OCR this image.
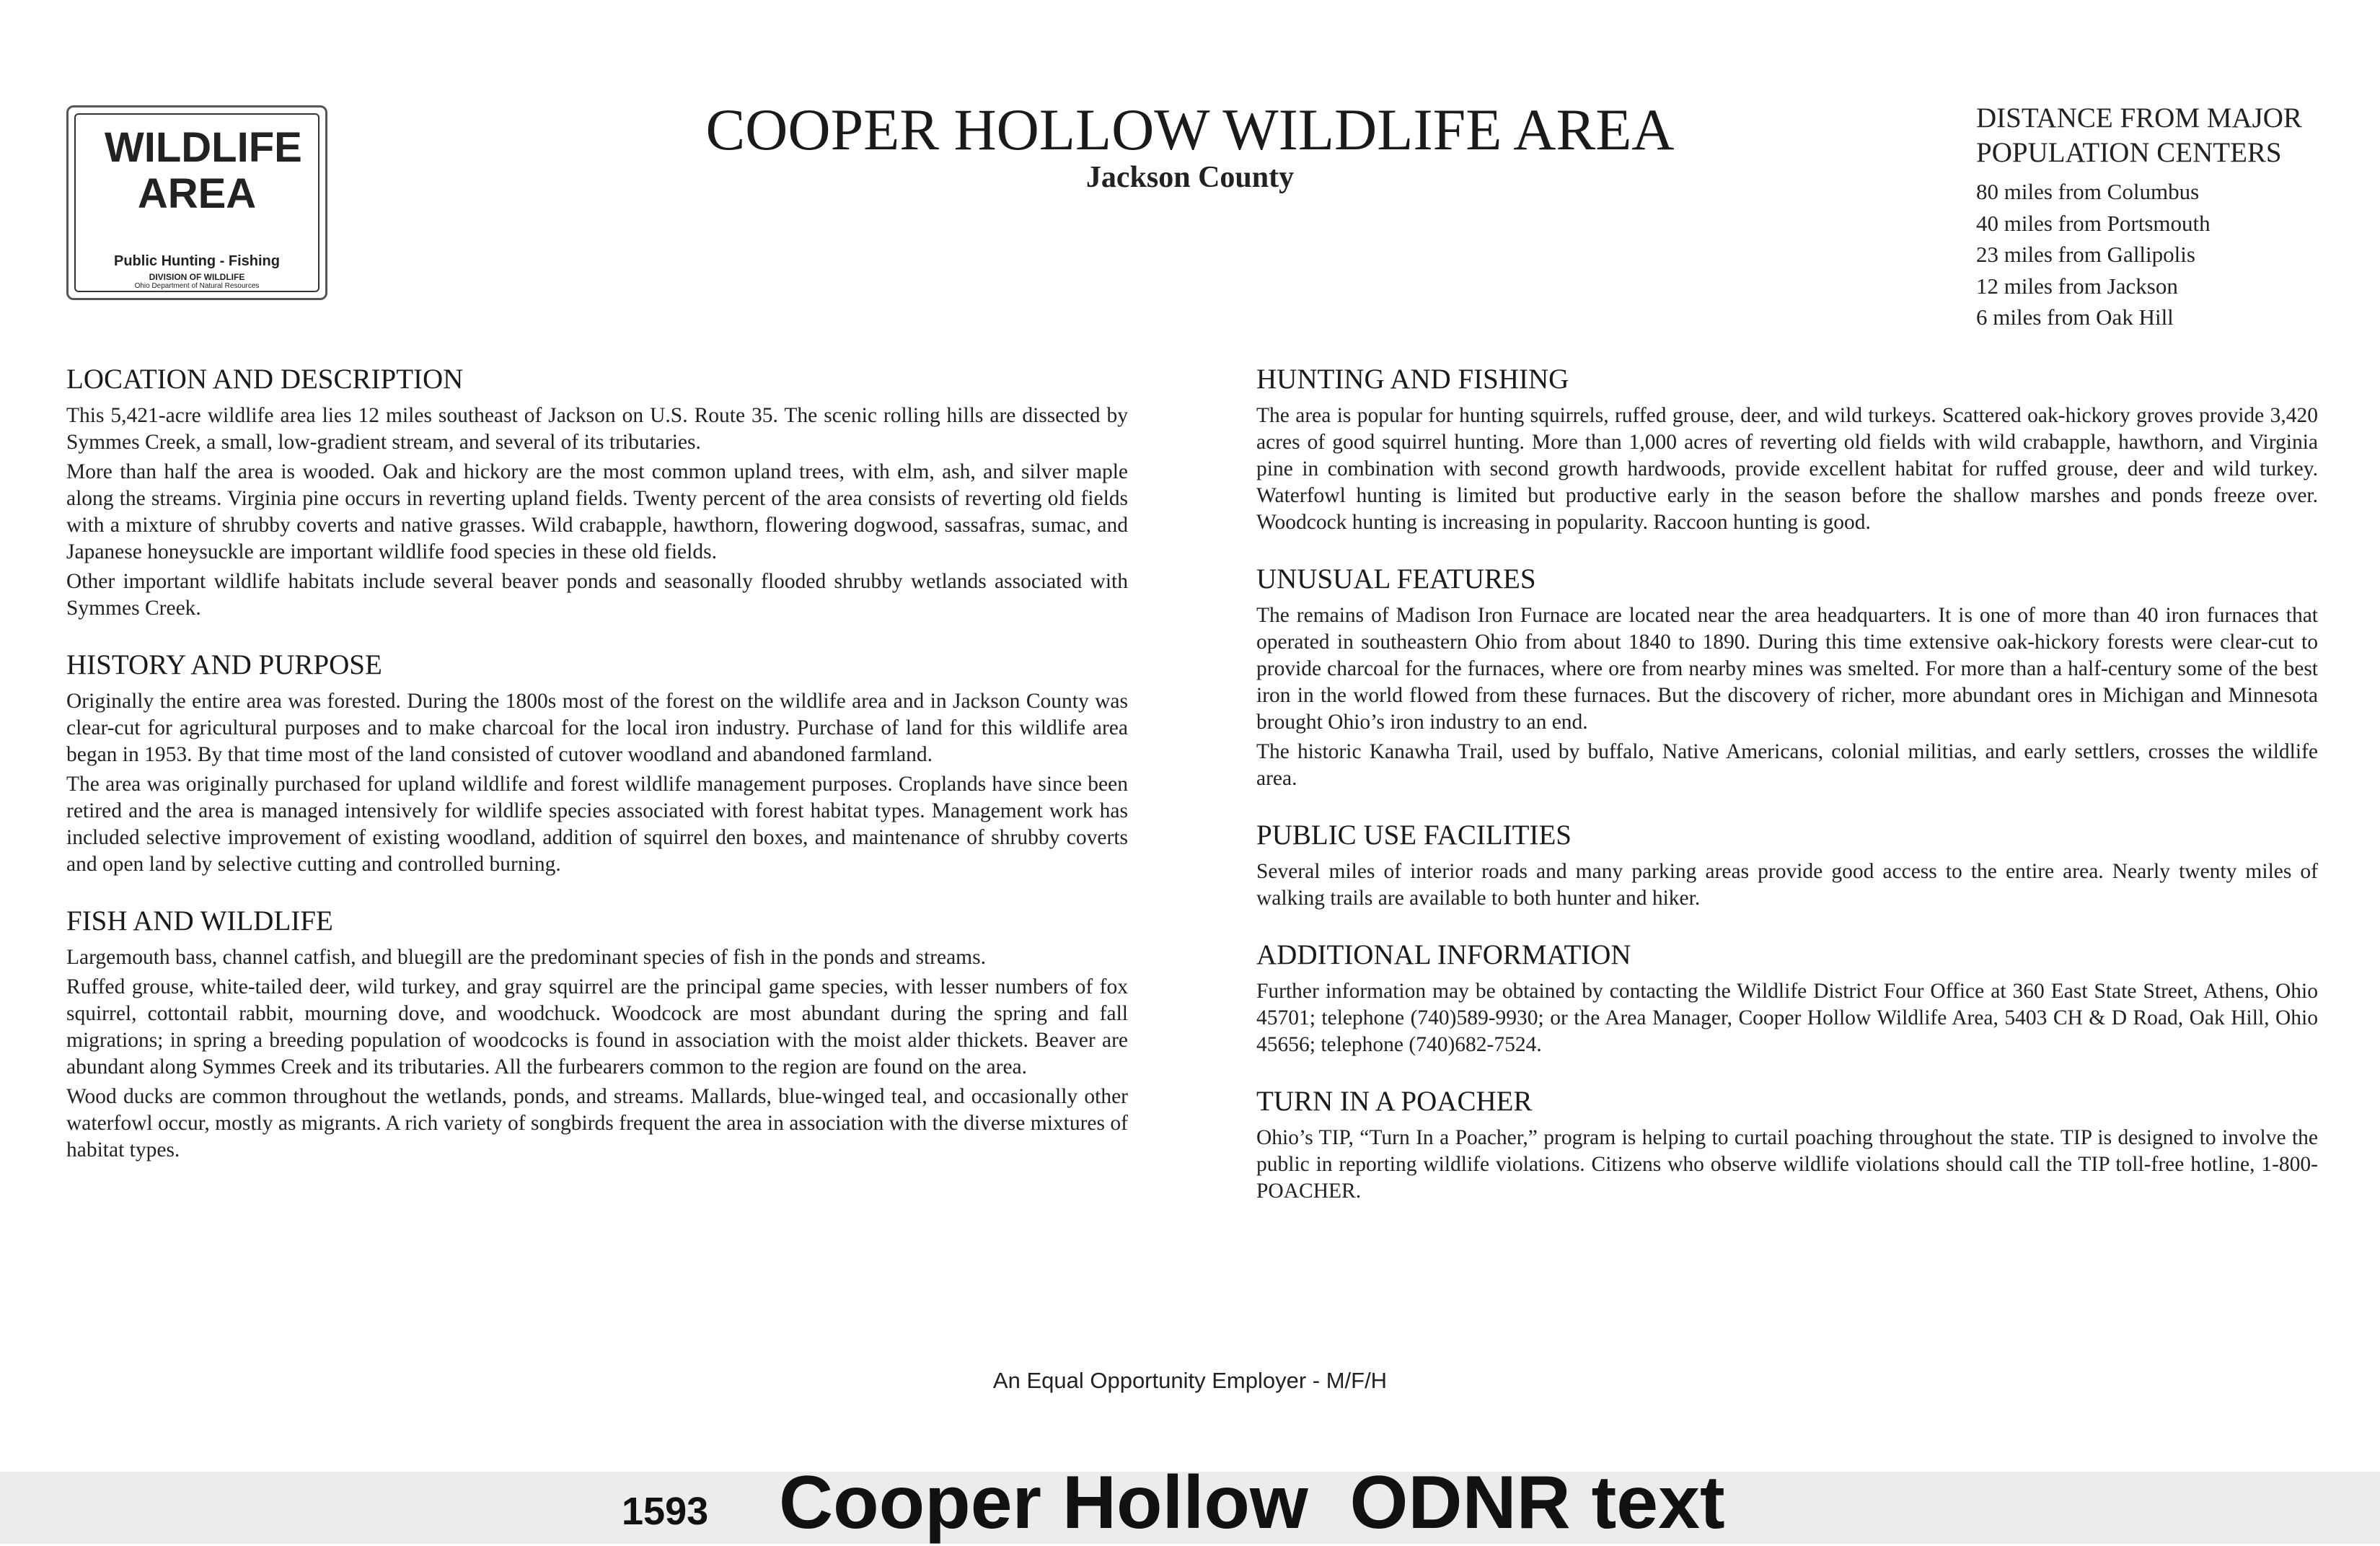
WILDLIFE AREA
Public Hunting - Fishing
DIVISION OF WILDLIFE
Ohio Department of Natural Resources
COOPER HOLLOW WILDLIFE AREA
Jackson County
DISTANCE FROM MAJOR POPULATION CENTERS
80 miles from Columbus
40 miles from Portsmouth
23 miles from Gallipolis
12 miles from Jackson
6 miles from Oak Hill
LOCATION AND DESCRIPTION

This 5,421-acre wildlife area lies 12 miles southeast of Jackson on U.S. Route 35. The scenic rolling hills are dissected by Symmes Creek, a small, low-gradient stream, and several of its tributaries.

More than half the area is wooded. Oak and hickory are the most common upland trees, with elm, ash, and silver maple along the streams. Virginia pine occurs in reverting upland fields. Twenty percent of the area consists of reverting old fields with a mixture of shrubby coverts and native grasses. Wild crabapple, hawthorn, flowering dogwood, sassafras, sumac, and Japanese honeysuckle are important wildlife food species in these old fields.

Other important wildlife habitats include several beaver ponds and seasonally flooded shrubby wetlands associated with Symmes Creek.

HISTORY AND PURPOSE

Originally the entire area was forested. During the 1800s most of the forest on the wildlife area and in Jackson County was clear-cut for agricultural purposes and to make charcoal for the local iron industry. Purchase of land for this wildlife area began in 1953. By that time most of the land consisted of cutover woodland and abandoned farmland.

The area was originally purchased for upland wildlife and forest wildlife management purposes. Croplands have since been retired and the area is managed intensively for wildlife species associated with forest habitat types. Management work has included selective improvement of existing woodland, addition of squirrel den boxes, and maintenance of shrubby coverts and open land by selective cutting and controlled burning.

FISH AND WILDLIFE

Largemouth bass, channel catfish, and bluegill are the predominant species of fish in the ponds and streams.

Ruffed grouse, white-tailed deer, wild turkey, and gray squirrel are the principal game species, with lesser numbers of fox squirrel, cottontail rabbit, mourning dove, and woodchuck. Woodcock are most abundant during the spring and fall migrations; in spring a breeding population of woodcocks is found in association with the moist alder thickets. Beaver are abundant along Symmes Creek and its tributaries. All the furbearers common to the region are found on the area.

Wood ducks are common throughout the wetlands, ponds, and streams. Mallards, blue-winged teal, and occasionally other waterfowl occur, mostly as migrants. A rich variety of songbirds frequent the area in association with the diverse mixtures of habitat types.

HUNTING AND FISHING

The area is popular for hunting squirrels, ruffed grouse, deer, and wild turkeys. Scattered oak-hickory groves provide 3,420 acres of good squirrel hunting. More than 1,000 acres of reverting old fields with wild crabapple, hawthorn, and Virginia pine in combination with second growth hardwoods, provide excellent habitat for ruffed grouse, deer and wild turkey. Waterfowl hunting is limited but productive early in the season before the shallow marshes and ponds freeze over. Woodcock hunting is increasing in popularity. Raccoon hunting is good.

UNUSUAL FEATURES

The remains of Madison Iron Furnace are located near the area headquarters. It is one of more than 40 iron furnaces that operated in southeastern Ohio from about 1840 to 1890. During this time extensive oak-hickory forests were clear-cut to provide charcoal for the furnaces, where ore from nearby mines was smelted. For more than a half-century some of the best iron in the world flowed from these furnaces. But the discovery of richer, more abundant ores in Michigan and Minnesota brought Ohio’s iron industry to an end.

The historic Kanawha Trail, used by buffalo, Native Americans, colonial militias, and early settlers, crosses the wildlife area.

PUBLIC USE FACILITIES

Several miles of interior roads and many parking areas provide good access to the entire area. Nearly twenty miles of walking trails are available to both hunter and hiker.

ADDITIONAL INFORMATION

Further information may be obtained by contacting the Wildlife District Four Office at 360 East State Street, Athens, Ohio 45701; telephone (740)589-9930; or the Area Manager, Cooper Hollow Wildlife Area, 5403 CH & D Road, Oak Hill, Ohio 45656; telephone (740)682-7524.

TURN IN A POACHER

Ohio’s TIP, “Turn In a Poacher,” program is helping to curtail poaching throughout the state. TIP is designed to involve the public in reporting wildlife violations. Citizens who observe wildlife violations should call the TIP toll-free hotline, 1-800-POACHER.

An Equal Opportunity Employer - M/F/H
1593 Cooper Hollow  ODNR text
